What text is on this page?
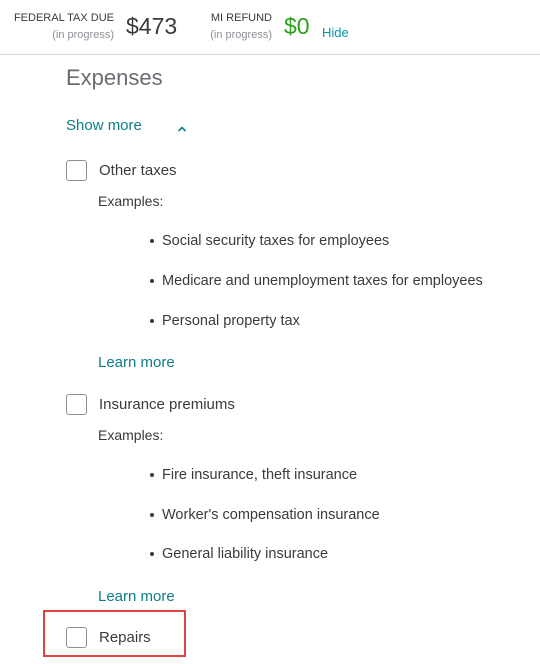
FEDERAL TAX DUE
(in progress) $473	MI REFUND
(in progress) $0 Hide
Expenses
Show more
Other taxes
Examples:
Social security taxes for employees
Medicare and unemployment taxes for employees
Personal property tax
Learn more
Insurance premiums
Examples:
Fire insurance, theft insurance
Worker's compensation insurance
General liability insurance
Learn more
Repairs
